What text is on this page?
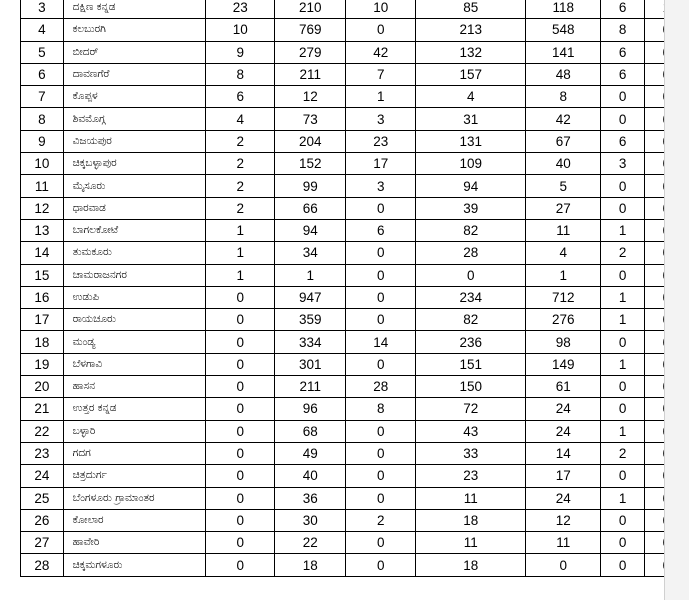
3	ದಕ್ಷಿಣ ಕನ್ನಡ	23	210	10	85	118	6	
4	ಕಲಬುರಗಿ	10	769	0	213	548	8	
5	ಬೀದರ್	9	279	42	132	141	6	
6	ದಾವಣಗೆರೆ	8	211	7	157	48	6	
7	ಕೊಪ್ಪಳ	6	12	1	4	8	0	
8	ಶಿವಮೊಗ್ಗ	4	73	3	31	42	0	
9	ವಿಜಯಪುರ	2	204	23	131	67	6	
10	ಚಿಕ್ಕಬಳ್ಳಾಪುರ	2	152	17	109	40	3	
11	ಮೈಸೂರು	2	99	3	94	5	0	
12	ಧಾರವಾಡ	2	66	0	39	27	0	
13	ಬಾಗಲಕೋಟೆ	1	94	6	82	11	1	
14	ತುಮಕೂರು	1	34	0	28	4	2	
15	ಚಾಮರಾಜನಗರ	1	1	0	0	1	0	
16	ಉಡುಪಿ	0	947	0	234	712	1	
17	ರಾಯಚೂರು	0	359	0	82	276	1	
18	ಮಂಡ್ಯ	0	334	14	236	98	0	
19	ಬೆಳಗಾವಿ	0	301	0	151	149	1	
20	ಹಾಸನ	0	211	28	150	61	0	
21	ಉತ್ತರ ಕನ್ನಡ	0	96	8	72	24	0	
22	ಬಳ್ಳಾರಿ	0	68	0	43	24	1	
23	ಗದಗ	0	49	0	33	14	2	
24	ಚಿತ್ರದುರ್ಗ	0	40	0	23	17	0	
25	ಬೆಂಗಳೂರು ಗ್ರಾಮಾಂತರ	0	36	0	11	24	1	
26	ಕೋಲಾರ	0	30	2	18	12	0	
27	ಹಾವೇರಿ	0	22	0	11	11	0	
28	ಚಿಕ್ಕಮಗಳೂರು	0	18	0	18	0	0	
